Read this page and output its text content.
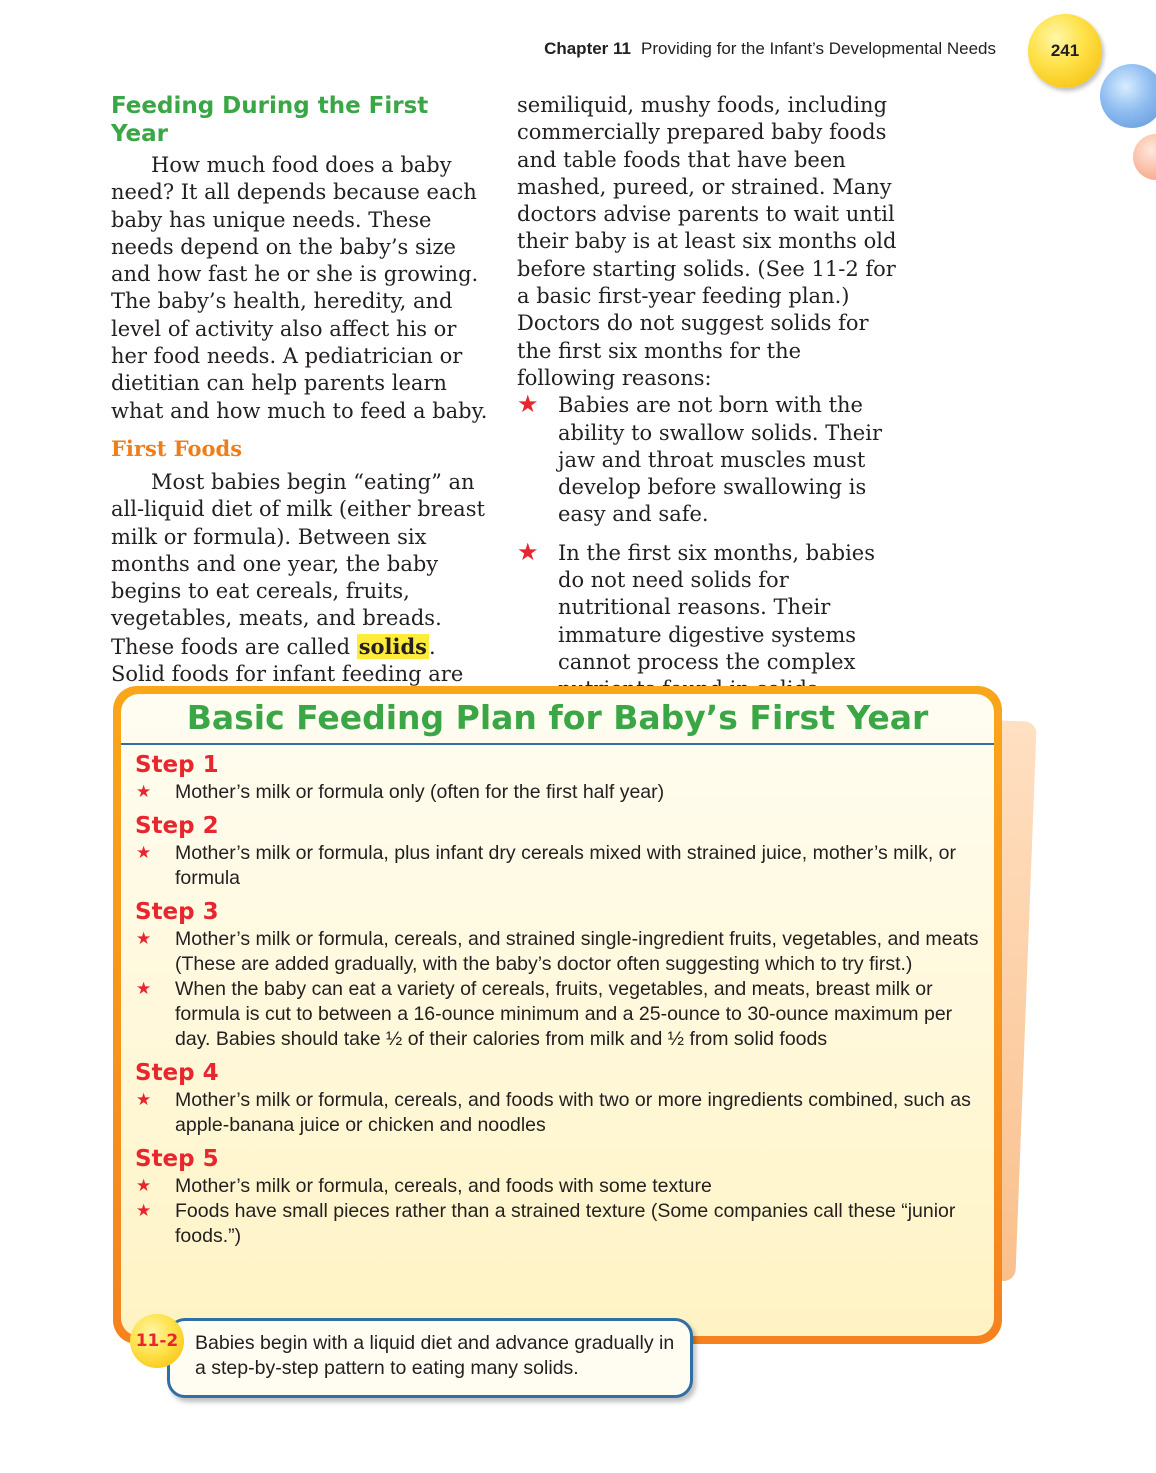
Chapter 11 Providing for the Infant’s Developmental Needs	241
Feeding During the First Year

How much food does a baby need? It all depends because each baby has unique needs. These needs depend on the baby’s size and how fast he or she is growing. The baby’s health, heredity, and level of activity also affect his or her food needs. A pediatrician or dietitian can help parents learn what and how much to feed a baby.

First Foods

Most babies begin “eating” an all-liquid diet of milk (either breast milk or formula). Between six months and one year, the baby begins to eat cereals, fruits, vegetables, meats, and breads. These foods are called solids. Solid foods for infant feeding are

semiliquid, mushy foods, including commercially prepared baby foods and table foods that have been mashed, pureed, or strained. Many doctors advise parents to wait until their baby is at least six months old before starting solids. (See 11-2 for a basic first-year feeding plan.) Doctors do not suggest solids for the first six months for the following reasons:

★ Babies are not born with the ability to swallow solids. Their jaw and throat muscles must develop before swallowing is easy and safe.
★ In the first six months, babies do not need solids for nutritional reasons. Their immature digestive systems cannot process the complex
Basic Feeding Plan for Baby’s First Year
Step 1
★ Mother’s milk or formula only (often for the first half year)
Step 2
★ Mother’s milk or formula, plus infant dry cereals mixed with strained juice, mother’s milk, or formula
Step 3
★ Mother’s milk or formula, cereals, and strained single-ingredient fruits, vegetables, and meats (These are added gradually, with the baby’s doctor often suggesting which to try first.)
★ When the baby can eat a variety of cereals, fruits, vegetables, and meats, breast milk or formula is cut to between a 16-ounce minimum and a 25-ounce to 30-ounce maximum per day. Babies should take ½ of their calories from milk and ½ from solid foods
Step 4
★ Mother’s milk or formula, cereals, and foods with two or more ingredients combined, such as apple-banana juice or chicken and noodles
Step 5
★ Mother’s milk or formula, cereals, and foods with some texture
★ Foods have small pieces rather than a strained texture (Some companies call these “junior foods.”)
Babies begin with a liquid diet and advance gradually in a step-by-step pattern to eating many solids.
11-2
